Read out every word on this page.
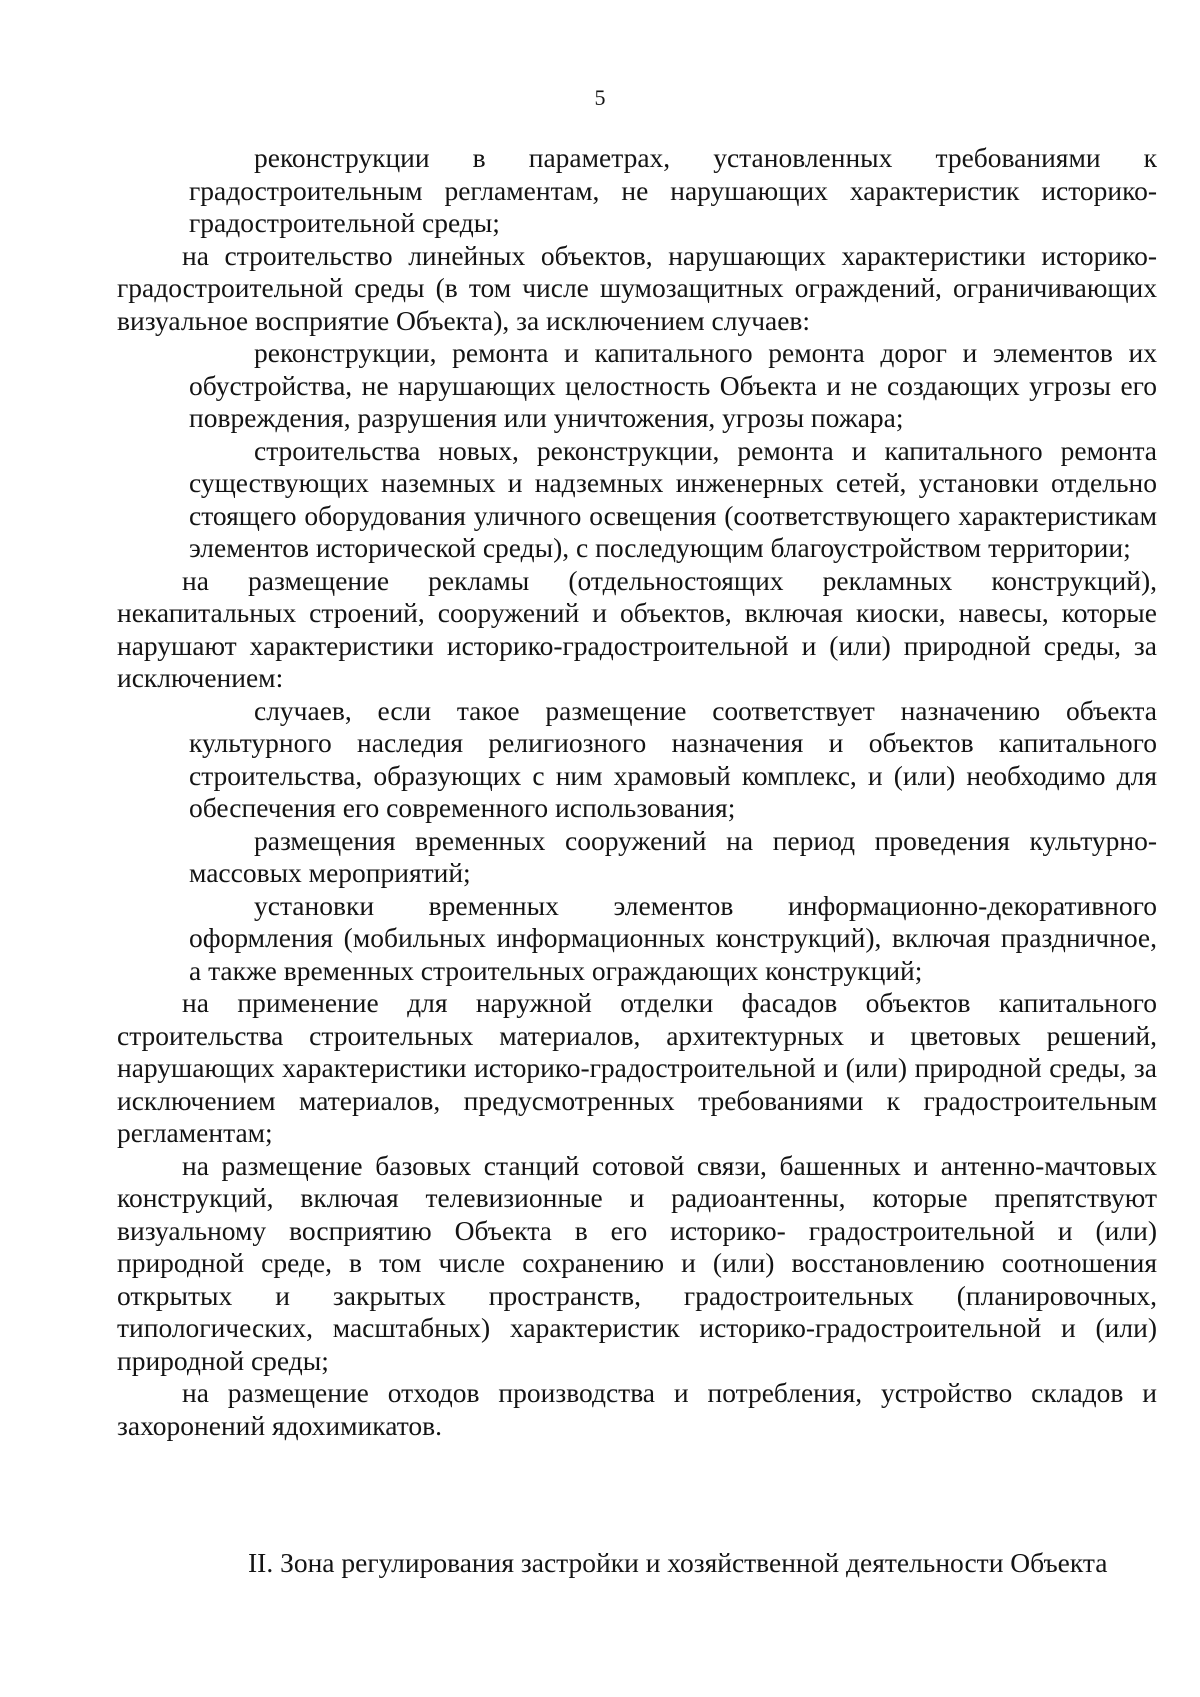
5

реконструкции в параметрах, установленных требованиями к градостроительным регламентам, не нарушающих характеристик историко-градостроительной среды;

на строительство линейных объектов, нарушающих характеристики историко-градостроительной среды (в том числе шумозащитных ограждений, ограничивающих визуальное восприятие Объекта), за исключением случаев:

реконструкции, ремонта и капитального ремонта дорог и элементов их обустройства, не нарушающих целостность Объекта и не создающих угрозы его повреждения, разрушения или уничтожения, угрозы пожара;

строительства новых, реконструкции, ремонта и капитального ремонта существующих наземных и надземных инженерных сетей, установки отдельно стоящего оборудования уличного освещения (соответствующего характеристикам элементов исторической среды), с последующим благоустройством территории;

на размещение рекламы (отдельностоящих рекламных конструкций), некапитальных строений, сооружений и объектов, включая киоски, навесы, которые нарушают характеристики историко-градостроительной и (или) природной среды, за исключением:

случаев, если такое размещение соответствует назначению объекта культурного наследия религиозного назначения и объектов капитального строительства, образующих с ним храмовый комплекс, и (или) необходимо для обеспечения его современного использования;

размещения временных сооружений на период проведения культурно-массовых мероприятий;

установки временных элементов информационно-декоративного оформления (мобильных информационных конструкций), включая праздничное, а также временных строительных ограждающих конструкций;

на применение для наружной отделки фасадов объектов капитального строительства строительных материалов, архитектурных и цветовых решений, нарушающих характеристики историко-градостроительной и (или) природной среды, за исключением материалов, предусмотренных требованиями к градостроительным регламентам;

на размещение базовых станций сотовой связи, башенных и антенно-мачтовых конструкций, включая телевизионные и радиоантенны, которые препятствуют визуальному восприятию Объекта в его историко- градостроительной и (или) природной среде, в том числе сохранению и (или) восстановлению соотношения открытых и закрытых пространств, градостроительных (планировочных, типологических, масштабных) характеристик историко-градостроительной и (или) природной среды;

на размещение отходов производства и потребления, устройство складов и захоронений ядохимикатов.

II. Зона регулирования застройки и хозяйственной деятельности Объекта
